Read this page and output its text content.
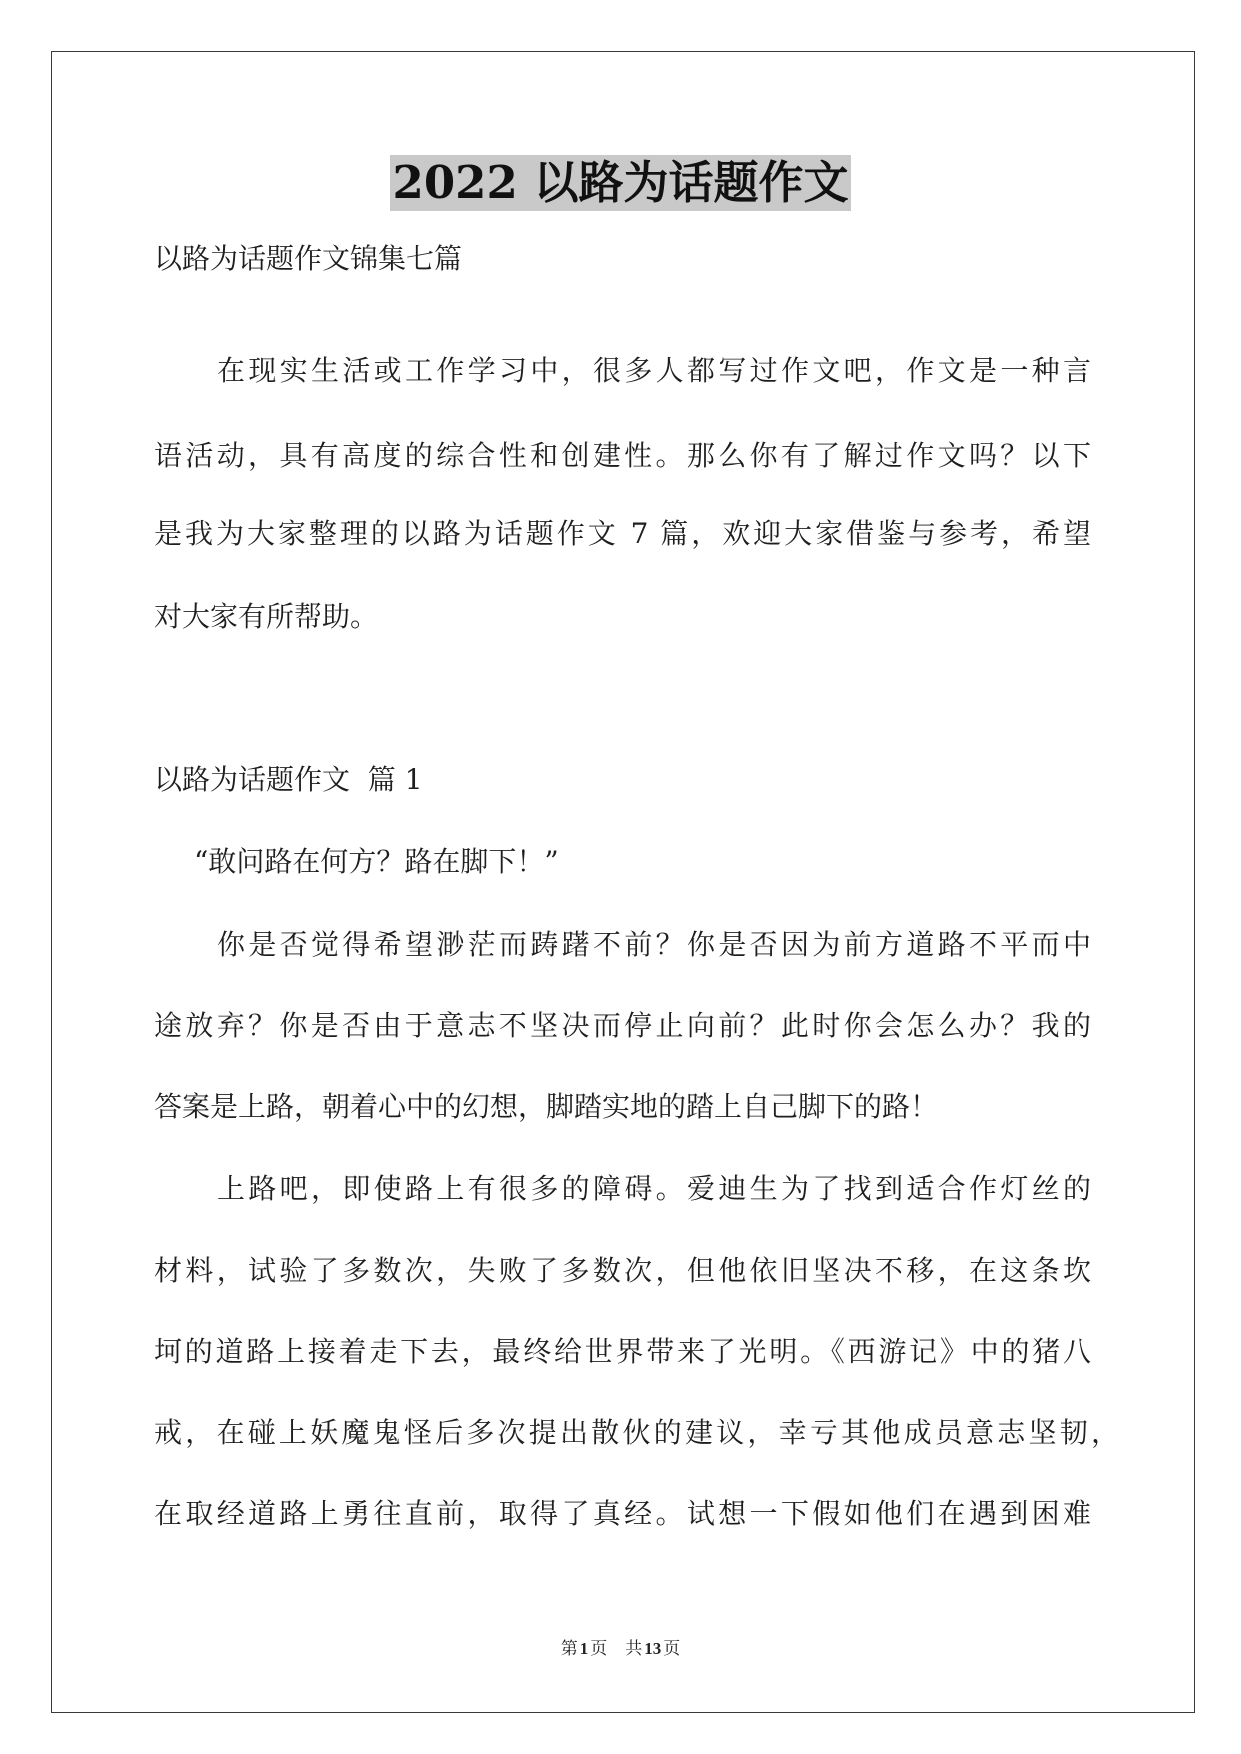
2022 以路为话题作文
以路为话题作文锦集七篇
在现实生活或工作学习中，很多人都写过作文吧，作文是一种言
语活动，具有高度的综合性和创建性。那么你有了解过作文吗？以下
是我为大家整理的以路为话题作文 7 篇，欢迎大家借鉴与参考，希望
对大家有所帮助。
以路为话题作文  篇 1
“敢问路在何方？路在脚下！”
你是否觉得希望渺茫而踌躇不前？你是否因为前方道路不平而中
途放弃？你是否由于意志不坚决而停止向前？此时你会怎么办？我的
答案是上路，朝着心中的幻想，脚踏实地的踏上自己脚下的路！
上路吧，即使路上有很多的障碍。爱迪生为了找到适合作灯丝的
材料，试验了多数次，失败了多数次，但他依旧坚决不移，在这条坎
坷的道路上接着走下去，最终给世界带来了光明。《西游记》中的猪八
戒，在碰上妖魔鬼怪后多次提出散伙的建议，幸亏其他成员意志坚韧，
在取经道路上勇往直前，取得了真经。试想一下假如他们在遇到困难
第 1 页 共 13 页
